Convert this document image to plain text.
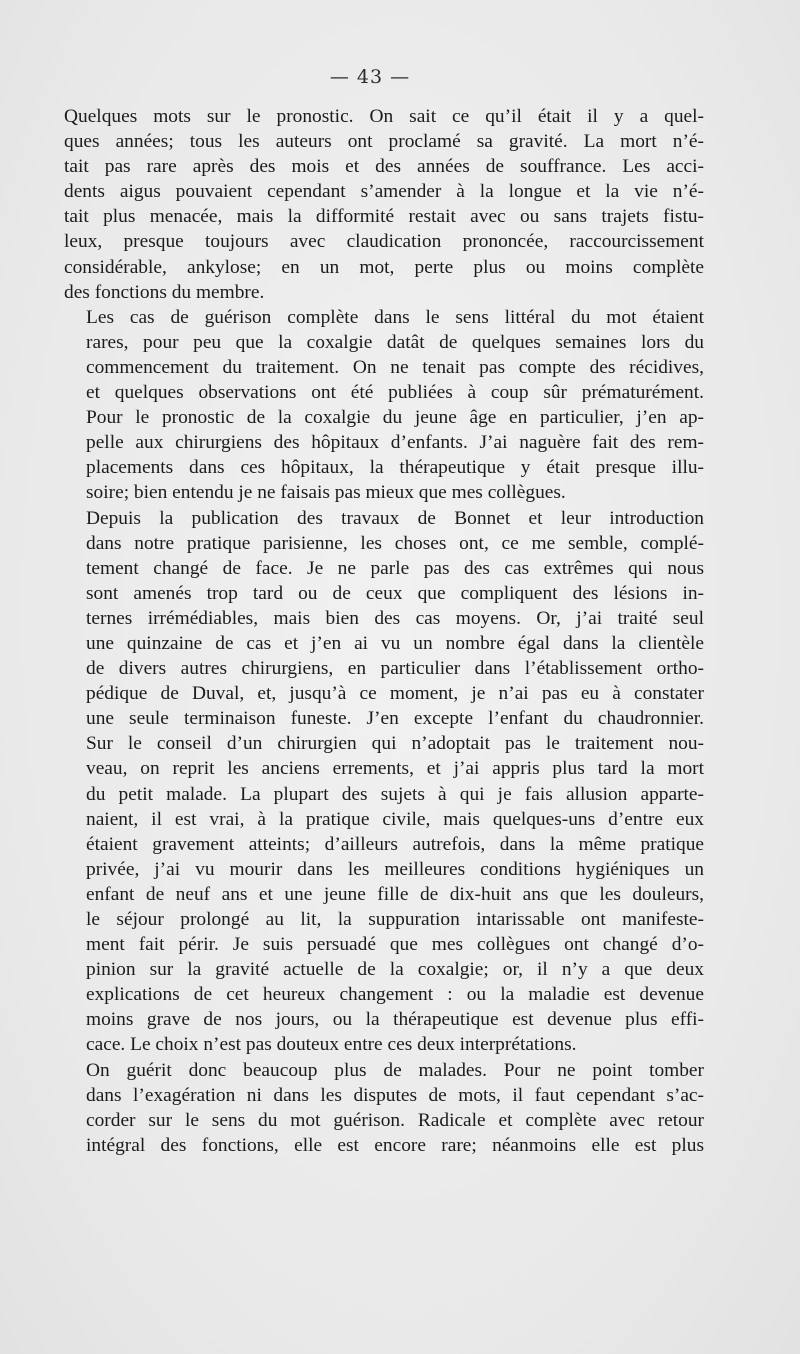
— 43 —

Quelques mots sur le pronostic. On sait ce qu’il était il y a quel-
ques années; tous les auteurs ont proclamé sa gravité. La mort n’é-
tait pas rare après des mois et des années de souffrance. Les acci-
dents aigus pouvaient cependant s’amender à la longue et la vie n’é-
tait plus menacée, mais la difformité restait avec ou sans trajets fistu-
leux, presque toujours avec claudication prononcée, raccourcissement
considérable, ankylose; en un mot, perte plus ou moins complète
des fonctions du membre.

Les cas de guérison complète dans le sens littéral du mot étaient
rares, pour peu que la coxalgie datât de quelques semaines lors du
commencement du traitement. On ne tenait pas compte des récidives,
et quelques observations ont été publiées à coup sûr prématurément.
Pour le pronostic de la coxalgie du jeune âge en particulier, j’en ap-
pelle aux chirurgiens des hôpitaux d’enfants. J’ai naguère fait des rem-
placements dans ces hôpitaux, la thérapeutique y était presque illu-
soire; bien entendu je ne faisais pas mieux que mes collègues.

Depuis la publication des travaux de Bonnet et leur introduction
dans notre pratique parisienne, les choses ont, ce me semble, complé-
tement changé de face. Je ne parle pas des cas extrêmes qui nous
sont amenés trop tard ou de ceux que compliquent des lésions in-
ternes irrémédiables, mais bien des cas moyens. Or, j’ai traité seul
une quinzaine de cas et j’en ai vu un nombre égal dans la clientèle
de divers autres chirurgiens, en particulier dans l’établissement ortho-
pédique de Duval, et, jusqu’à ce moment, je n’ai pas eu à constater
une seule terminaison funeste. J’en excepte l’enfant du chaudronnier.
Sur le conseil d’un chirurgien qui n’adoptait pas le traitement nou-
veau, on reprit les anciens errements, et j’ai appris plus tard la mort
du petit malade. La plupart des sujets à qui je fais allusion apparte-
naient, il est vrai, à la pratique civile, mais quelques-uns d’entre eux
étaient gravement atteints; d’ailleurs autrefois, dans la même pratique
privée, j’ai vu mourir dans les meilleures conditions hygiéniques un
enfant de neuf ans et une jeune fille de dix-huit ans que les douleurs,
le séjour prolongé au lit, la suppuration intarissable ont manifeste-
ment fait périr. Je suis persuadé que mes collègues ont changé d’o-
pinion sur la gravité actuelle de la coxalgie; or, il n’y a que deux
explications de cet heureux changement : ou la maladie est devenue
moins grave de nos jours, ou la thérapeutique est devenue plus effi-
cace. Le choix n’est pas douteux entre ces deux interprétations.

On guérit donc beaucoup plus de malades. Pour ne point tomber
dans l’exagération ni dans les disputes de mots, il faut cependant s’ac-
corder sur le sens du mot guérison. Radicale et complète avec retour
intégral des fonctions, elle est encore rare; néanmoins elle est plus
